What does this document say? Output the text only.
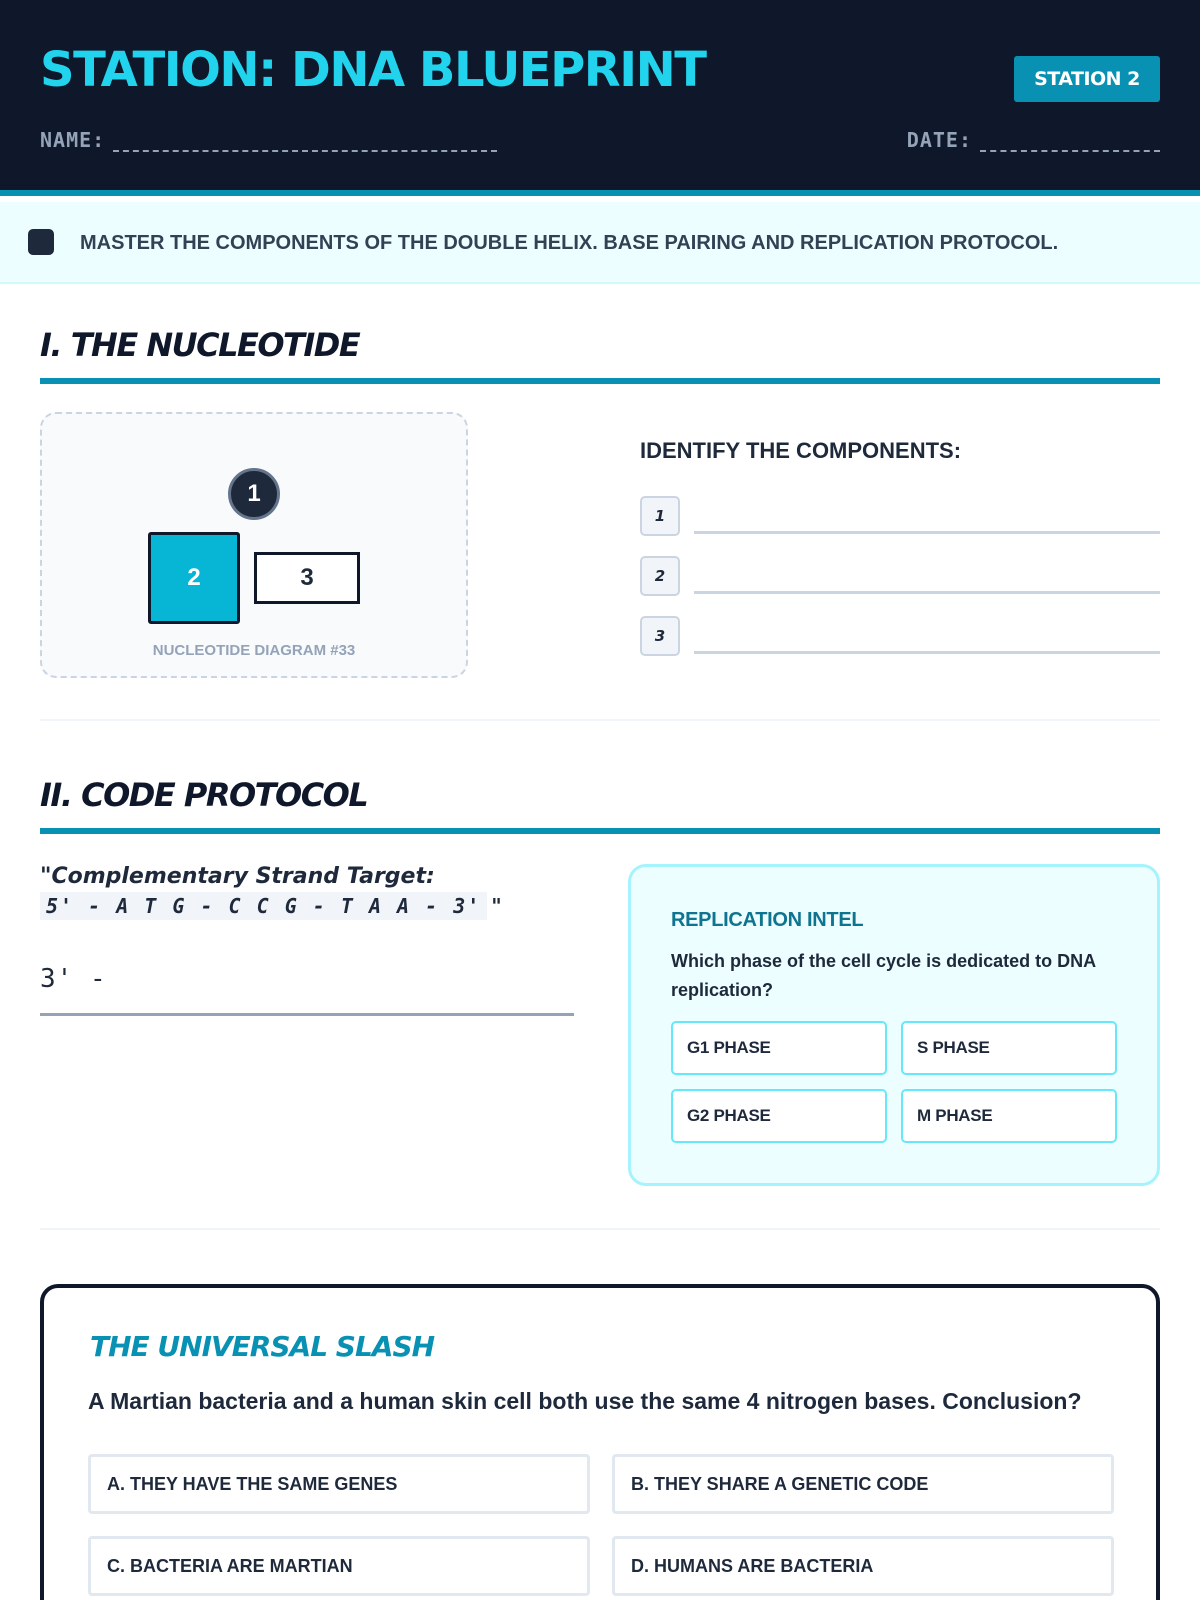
STATION: DNA BLUEPRINT	STATION 2
NAME:	DATE:
MASTER THE COMPONENTS OF THE DOUBLE HELIX. BASE PAIRING AND REPLICATION PROTOCOL.
I. THE NUCLEOTIDE
1
2	3
NUCLEOTIDE DIAGRAM #33
IDENTIFY THE COMPONENTS:
1
2
3
II. CODE PROTOCOL
"Complementary Strand Target:
5' - A T G - C C G - T A A - 3' "
3' -
REPLICATION INTEL
Which phase of the cell cycle is dedicated to DNA replication?
G1 PHASE	S PHASE
G2 PHASE	M PHASE
THE UNIVERSAL SLASH
A Martian bacteria and a human skin cell both use the same 4 nitrogen bases. Conclusion?
A. THEY HAVE THE SAME GENES	B. THEY SHARE A GENETIC CODE
C. BACTERIA ARE MARTIAN	D. HUMANS ARE BACTERIA
